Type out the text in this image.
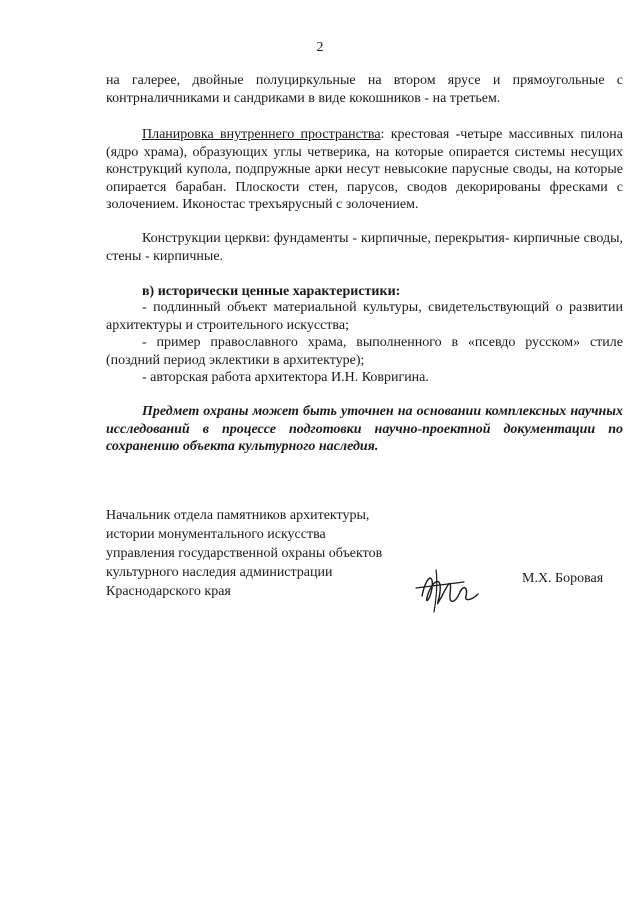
2
на галерее, двойные полуциркульные на втором ярусе и прямоугольные с контрналичниками и сандриками в виде кокошников - на третьем.
Планировка внутреннего пространства: крестовая -четыре массивных пилона (ядро храма), образующих углы четверика, на которые опирается системы несущих конструкций купола, подпружные арки несут невысокие парусные своды, на которые опирается барабан. Плоскости стен, парусов, сводов декорированы фресками с золочением. Иконостас трехъярусный с золочением.
Конструкции церкви: фундаменты - кирпичные, перекрытия- кирпичные своды, стены - кирпичные.
в) исторически ценные характеристики:
- подлинный объект материальной культуры, свидетельствующий о развитии архитектуры и строительного искусства;
- пример православного храма, выполненного в «псевдо русском» стиле (поздний период эклектики в архитектуре);
- авторская работа архитектора И.Н. Ковригина.
Предмет охраны может быть уточнен на основании комплексных научных исследований в процессе подготовки научно-проектной документации по сохранению объекта культурного наследия.
Начальник отдела памятников архитектуры,
истории монументального искусства
управления государственной охраны объектов
культурного наследия администрации
Краснодарского края
М.Х. Боровая
